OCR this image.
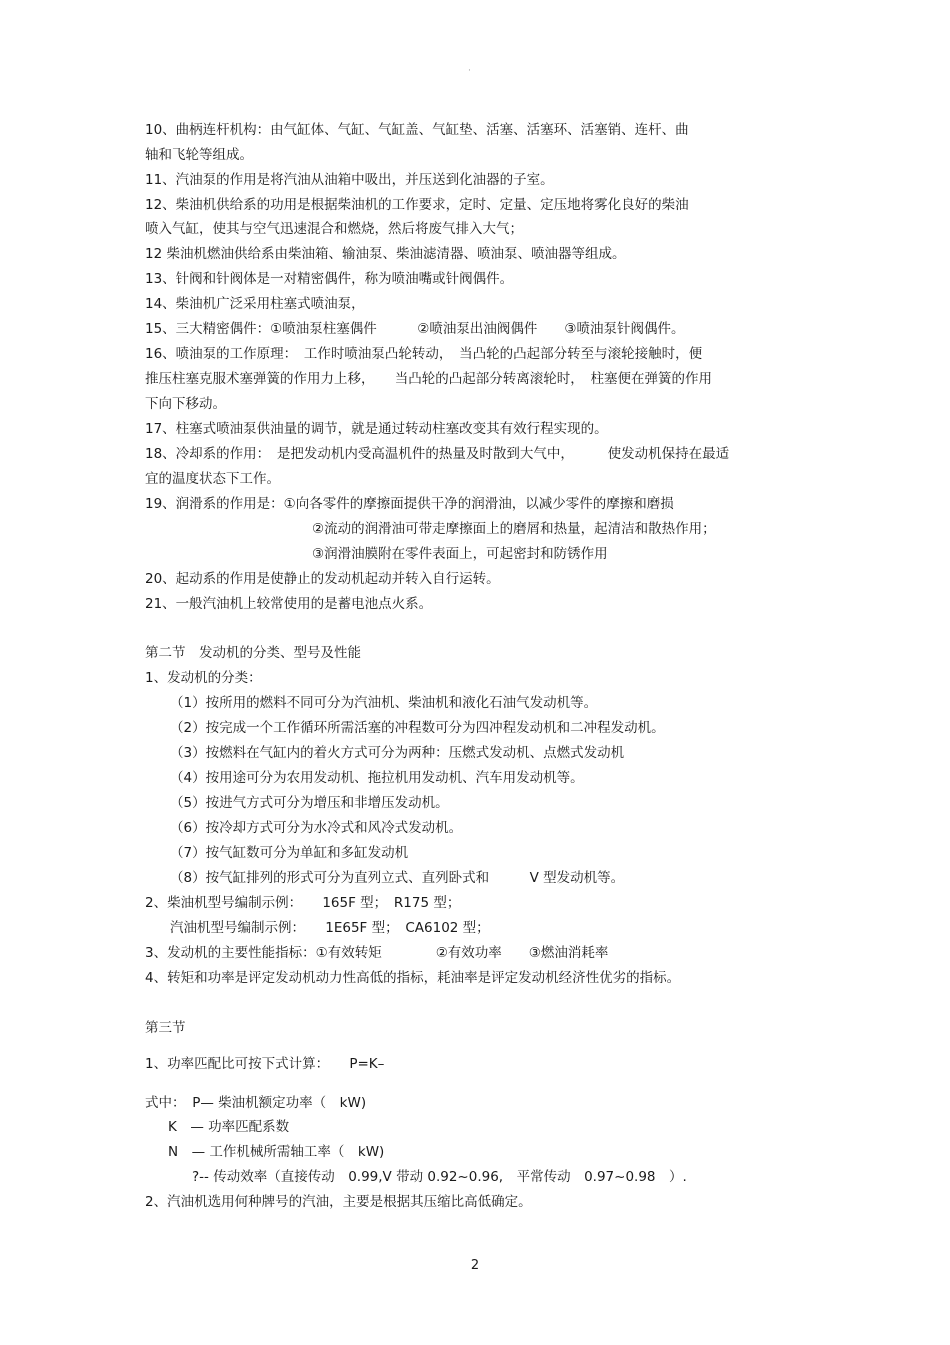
·
10、曲柄连杆机构：由气缸体、气缸、气缸盖、气缸垫、活塞、活塞环、活塞销、连杆、曲
轴和飞轮等组成。
11、汽油泵的作用是将汽油从油箱中吸出，并压送到化油器的子室。
12、柴油机供给系的功用是根据柴油机的工作要求，定时、定量、定压地将雾化良好的柴油
喷入气缸，使其与空气迅速混合和燃烧，然后将废气排入大气；
12 柴油机燃油供给系由柴油箱、输油泵、柴油滤清器、喷油泵、喷油器等组成。
13、针阀和针阀体是一对精密偶件，称为喷油嘴或针阀偶件。
14、柴油机广泛采用柱塞式喷油泵，
15、三大精密偶件：①喷油泵柱塞偶件　　　②喷油泵出油阀偶件　　③喷油泵针阀偶件。
16、喷油泵的工作原理：　工作时喷油泵凸轮转动，　当凸轮的凸起部分转至与滚轮接触时，便
推压柱塞克服术塞弹簧的作用力上移，　　当凸轮的凸起部分转离滚轮时，　柱塞便在弹簧的作用
下向下移动。
17、柱塞式喷油泵供油量的调节，就是通过转动柱塞改变其有效行程实现的。
18、冷却系的作用：　是把发动机内受高温机件的热量及时散到大气中，　　　使发动机保持在最适
宜的温度状态下工作。
19、润滑系的作用是：①向各零件的摩擦面提供干净的润滑油，以减少零件的摩擦和磨损
②流动的润滑油可带走摩擦面上的磨屑和热量，起清洁和散热作用；
③润滑油膜附在零件表面上，可起密封和防锈作用
20、起动系的作用是使静止的发动机起动并转入自行运转。
21、一般汽油机上较常使用的是蓄电池点火系。
第二节　发动机的分类、型号及性能
1、发动机的分类：
（1）按所用的燃料不同可分为汽油机、柴油机和液化石油气发动机等。
（2）按完成一个工作循环所需活塞的冲程数可分为四冲程发动机和二冲程发动机。
（3）按燃料在气缸内的着火方式可分为两种：压燃式发动机、点燃式发动机
（4）按用途可分为农用发动机、拖拉机用发动机、汽车用发动机等。
（5）按进气方式可分为增压和非增压发动机。
（6）按冷却方式可分为水冷式和风冷式发动机。
（7）按气缸数可分为单缸和多缸发动机
（8）按气缸排列的形式可分为直列立式、直列卧式和　　　V 型发动机等。
2、柴油机型号编制示例：　　165F 型；　R175 型；
汽油机型号编制示例：　　1E65F 型；　CA6102 型；
3、发动机的主要性能指标：①有效转矩　　　　②有效功率　　③燃油消耗率
4、转矩和功率是评定发动机动力性高低的指标，耗油率是评定发动机经济性优劣的指标。
第三节
1、功率匹配比可按下式计算：　　P=K–
式中：　P— 柴油机额定功率（　kW)
K　— 功率匹配系数
N　— 工作机械所需轴工率（　kW)
?-- 传动效率（直接传动　0.99,V 带动 0.92~0.96,　平常传动　0.97~0.98　）.
2、汽油机选用何种牌号的汽油，主要是根据其压缩比高低确定。
2
